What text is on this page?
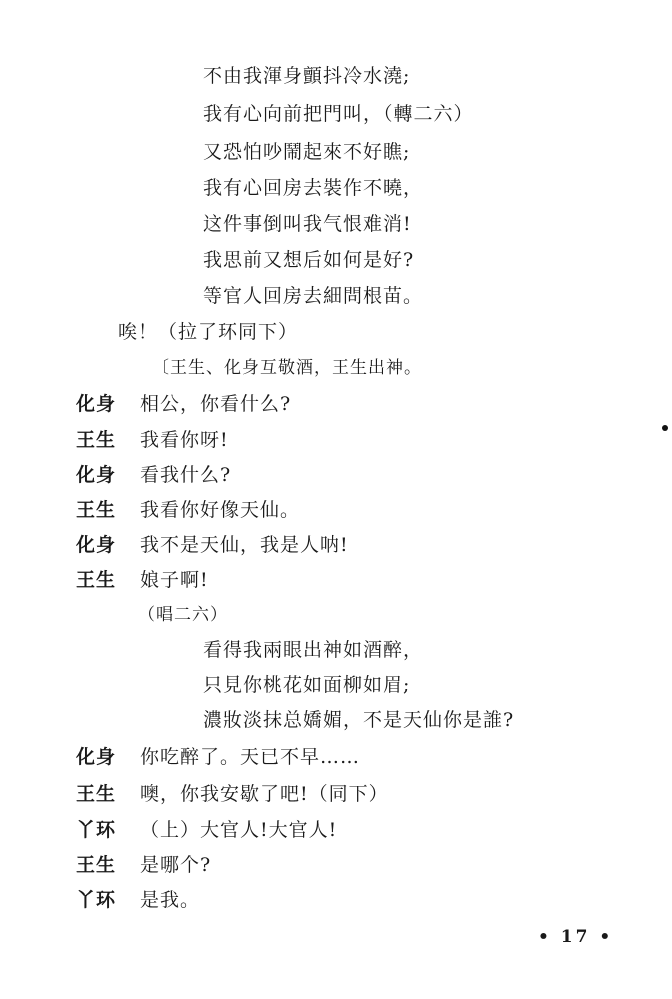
不由我渾身顫抖冷水澆;
我有心向前把門叫，（轉二六）
又恐怕吵鬧起來不好瞧;
我有心回房去裝作不曉，
这件事倒叫我气恨难消!
我思前又想后如何是好?
等官人回房去細問根苗。
唉！（拉了环同下）
〔王生、化身互敬酒，王生出神。
化身 相公，你看什么?
王生 我看你呀!
化身 看我什么?
王生 我看你好像天仙。
化身 我不是天仙，我是人呐!
王生 娘子啊!
（唱二六）
看得我兩眼出神如酒醉，
只見你桃花如面柳如眉;
濃妝淡抹总嬌媚，不是天仙你是誰?
化身 你吃醉了。天已不早……
王生 噢，你我安歇了吧!（同下）
丫环 （上）大官人!大官人!
王生 是哪个?
丫环 是我。
• 17 •
